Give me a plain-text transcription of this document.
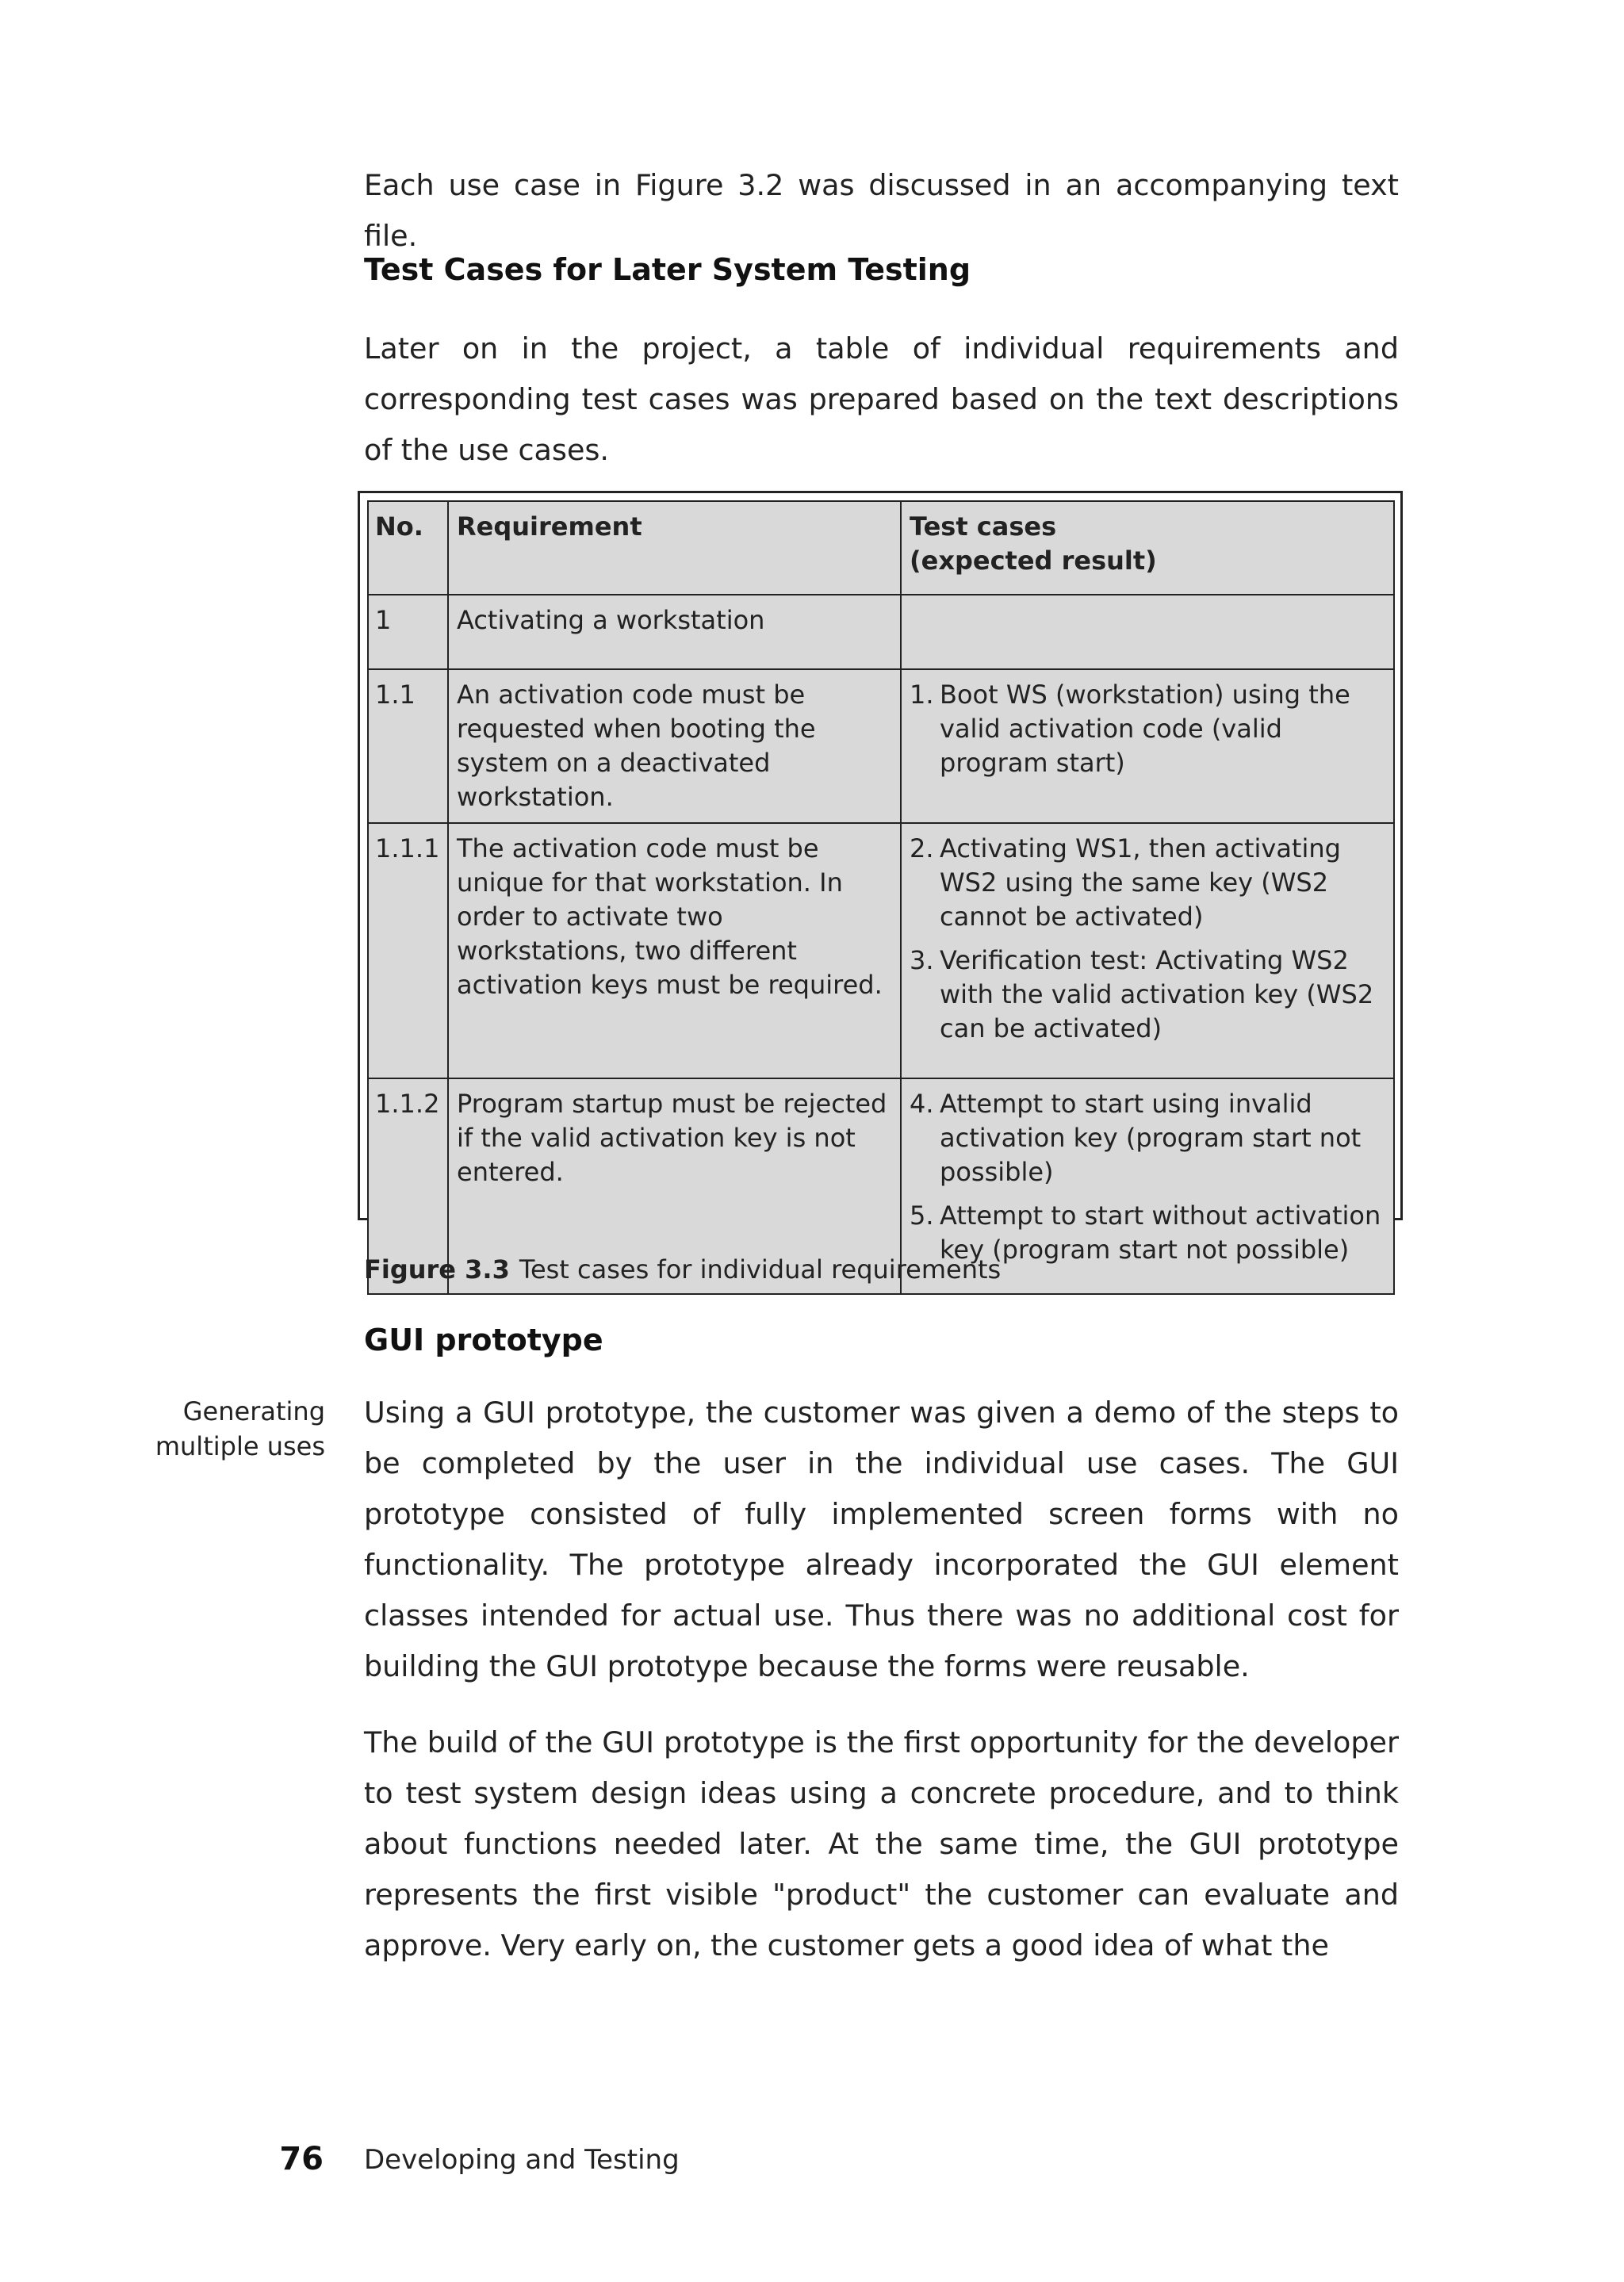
Each use case in Figure 3.2 was discussed in an accompanying text file.

Test Cases for Later System Testing

Later on in the project, a table of individual requirements and corresponding test cases was prepared based on the text descriptions of the use cases.

No.	Requirement	Test cases
(expected result)

1	Activating a workstation	
1.1	An activation code must be requested when booting the system on a deactivated workstation.	1. Boot WS (workstation) using the valid activation code (valid program start)

1.1.1	The activation code must be unique for that workstation. In order to activate two workstations, two different activation keys must be required.	2. Activating WS1, then activating WS2 using the same key (WS2 cannot be activated)
3. Verification test: Activating WS2 with the valid activation key (WS2 can be activated)

1.1.2	Program startup must be rejected if the valid activation key is not entered.	4. Attempt to start using invalid activation key (program start not possible)
5. Attempt to start without activation key (program start not possible)
Figure 3.3 Test cases for individual requirements
GUI prototype
Generating
multiple uses

Using a GUI prototype, the customer was given a demo of the steps to be completed by the user in the individual use cases. The GUI prototype consisted of fully implemented screen forms with no functionality. The prototype already incorporated the GUI element classes intended for actual use. Thus there was no additional cost for building the GUI prototype because the forms were reusable.

The build of the GUI prototype is the first opportunity for the developer to test system design ideas using a concrete procedure, and to think about functions needed later. At the same time, the GUI prototype represents the first visible "product" the customer can evaluate and approve. Very early on, the customer gets a good idea of what the

76 Developing and Testing
